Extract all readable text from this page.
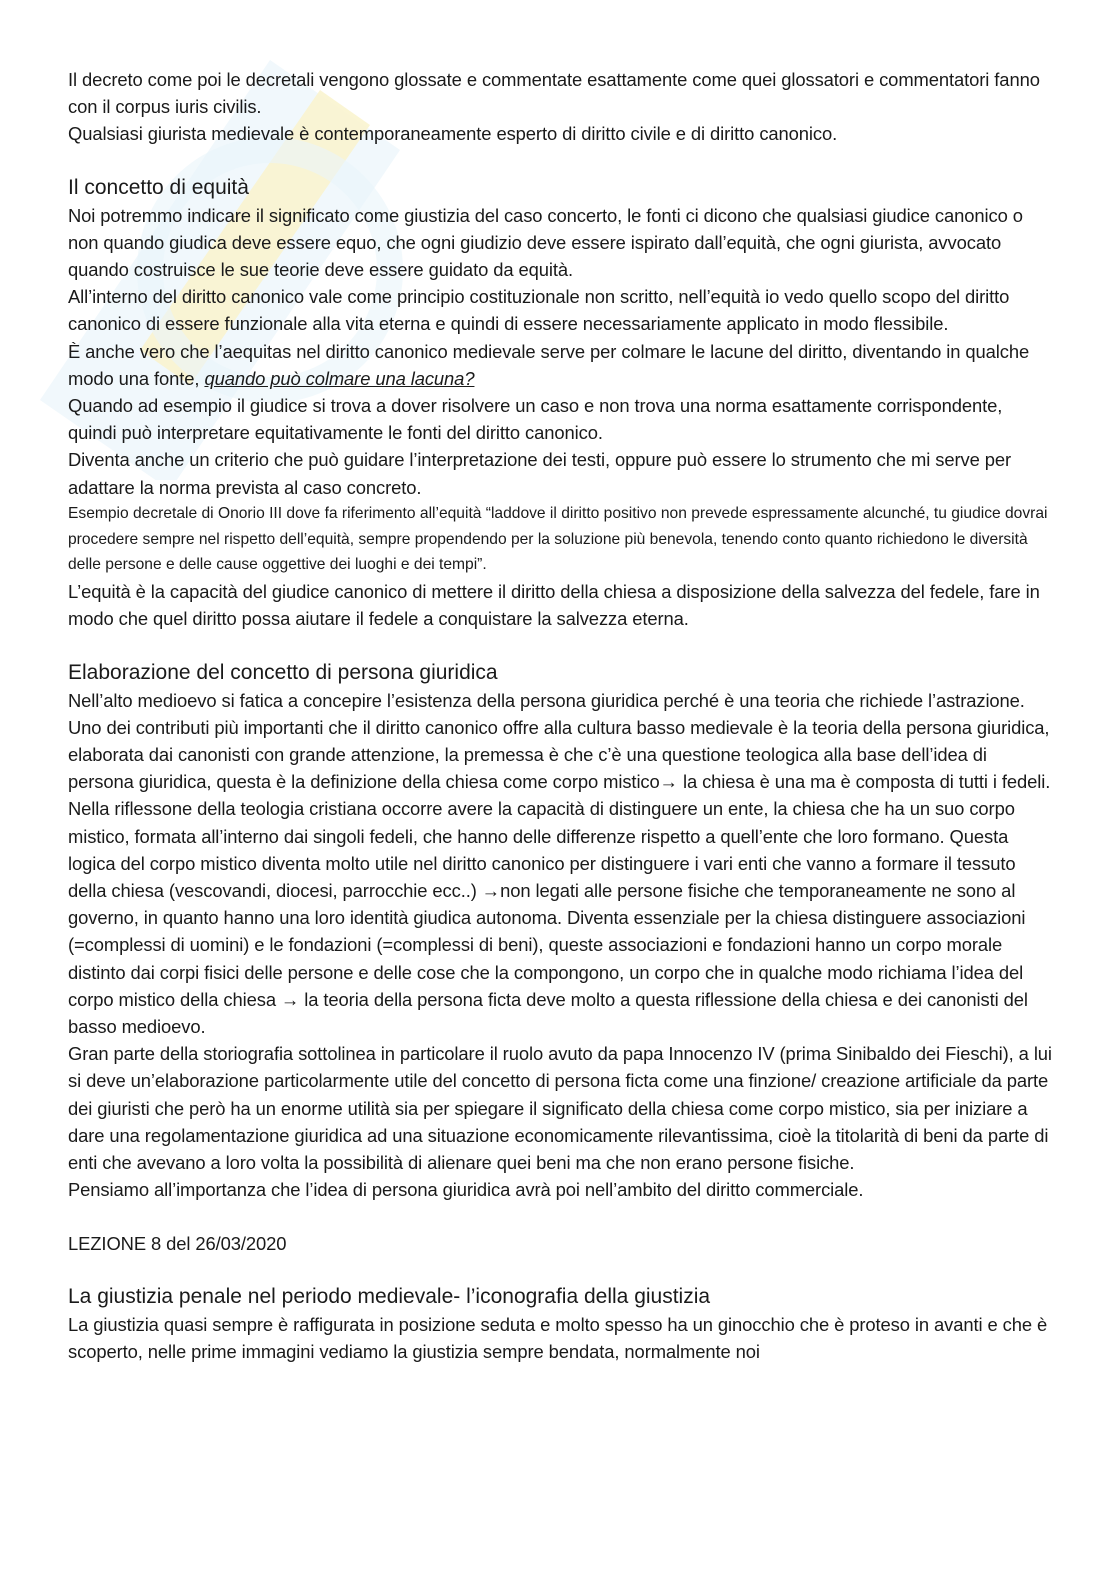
Il decreto come poi le decretali vengono glossate e commentate esattamente come quei glossatori e commentatori fanno con il corpus iuris civilis.

Qualsiasi giurista medievale è contemporaneamente esperto di diritto civile e di diritto canonico.

Il concetto di equità

Noi potremmo indicare il significato come giustizia del caso concerto, le fonti ci dicono che qualsiasi giudice canonico o non quando giudica deve essere equo, che ogni giudizio deve essere ispirato dall’equità, che ogni giurista, avvocato quando costruisce le sue teorie deve essere guidato da equità.

All’interno del diritto canonico vale come principio costituzionale non scritto, nell’equità io vedo quello scopo del diritto canonico di essere funzionale alla vita eterna e quindi di essere necessariamente applicato in modo flessibile.

È anche vero che l’aequitas nel diritto canonico medievale serve per colmare le lacune del diritto, diventando in qualche modo una fonte, quando può colmare una lacuna?

Quando ad esempio il giudice si trova a dover risolvere un caso e non trova una norma esattamente corrispondente, quindi può interpretare equitativamente le fonti del diritto canonico.

Diventa anche un criterio che può guidare l’interpretazione dei testi, oppure può essere lo strumento che mi serve per adattare la norma prevista al caso concreto.

Esempio decretale di Onorio III dove fa riferimento all’equità “laddove il diritto positivo non prevede espressamente alcunché, tu giudice dovrai procedere sempre nel rispetto dell’equità, sempre propendendo per la soluzione più benevola, tenendo conto quanto richiedono le diversità delle persone e delle cause oggettive dei luoghi e dei tempi”.

L’equità è la capacità del giudice canonico di mettere il diritto della chiesa a disposizione della salvezza del fedele, fare in modo che quel diritto possa aiutare il fedele a conquistare la salvezza eterna.

Elaborazione del concetto di persona giuridica

Nell’alto medioevo si fatica a concepire l’esistenza della persona giuridica perché è una teoria che richiede l’astrazione. Uno dei contributi più importanti che il diritto canonico offre alla cultura basso medievale è la teoria della persona giuridica, elaborata dai canonisti con grande attenzione, la premessa è che c’è una questione teologica alla base dell’idea di persona giuridica, questa è la definizione della chiesa come corpo mistico→ la chiesa è una ma è composta di tutti i fedeli. Nella riflessone della teologia cristiana occorre avere la capacità di distinguere un ente, la chiesa che ha un suo corpo mistico, formata all’interno dai singoli fedeli, che hanno delle differenze rispetto a quell’ente che loro formano. Questa logica del corpo mistico diventa molto utile nel diritto canonico per distinguere i vari enti che vanno a formare il tessuto della chiesa (vescovandi, diocesi, parrocchie ecc..) →non legati alle persone fisiche che temporaneamente ne sono al governo, in quanto hanno una loro identità giudica autonoma. Diventa essenziale per la chiesa distinguere associazioni (=complessi di uomini) e le fondazioni (=complessi di beni), queste associazioni e fondazioni hanno un corpo morale distinto dai corpi fisici delle persone e delle cose che la compongono, un corpo che in qualche modo richiama l’idea del corpo mistico della chiesa → la teoria della persona ficta deve molto a questa riflessione della chiesa e dei canonisti del basso medioevo.

Gran parte della storiografia sottolinea in particolare il ruolo avuto da papa Innocenzo IV (prima Sinibaldo dei Fieschi), a lui si deve un’elaborazione particolarmente utile del concetto di persona ficta come una finzione/ creazione artificiale da parte dei giuristi che però ha un enorme utilità sia per spiegare il significato della chiesa come corpo mistico, sia per iniziare a dare una regolamentazione giuridica ad una situazione economicamente rilevantissima, cioè la titolarità di beni da parte di enti che avevano a loro volta la possibilità di alienare quei beni ma che non erano persone fisiche.

Pensiamo all’importanza che l’idea di persona giuridica avrà poi nell’ambito del diritto commerciale.

LEZIONE 8 del 26/03/2020

La giustizia penale nel periodo medievale- l’iconografia della giustizia

La giustizia quasi sempre è raffigurata in posizione seduta e molto spesso ha un ginocchio che è proteso in avanti e che è scoperto, nelle prime immagini vediamo la giustizia sempre bendata, normalmente noi
